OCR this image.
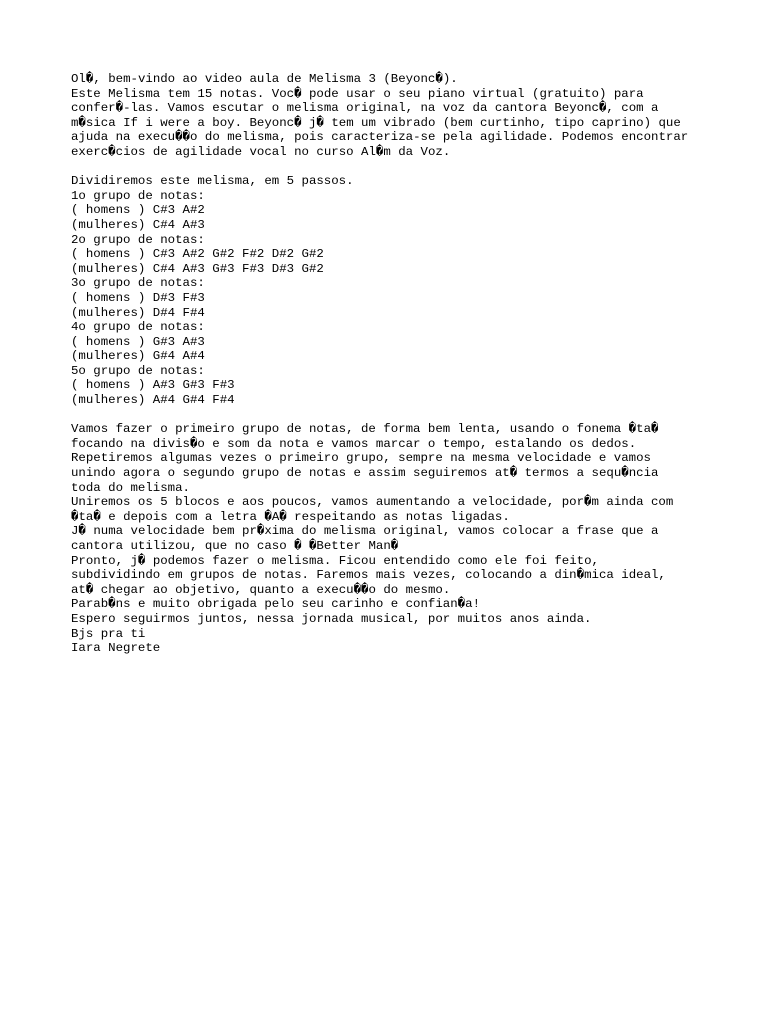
Ol�, bem-vindo ao video aula de Melisma 3 (Beyonc�).
Este Melisma tem 15 notas. Voc� pode usar o seu piano virtual (gratuito) para
confer�-las. Vamos escutar o melisma original, na voz da cantora Beyonc�, com a
m�sica If i were a boy. Beyonc� j� tem um vibrado (bem curtinho, tipo caprino) que
ajuda na execu��o do melisma, pois caracteriza-se pela agilidade. Podemos encontrar
exerc�cios de agilidade vocal no curso Al�m da Voz.
Dividiremos este melisma, em 5 passos.
1o grupo de notas:
( homens ) C#3 A#2
(mulheres) C#4 A#3
2o grupo de notas:
( homens ) C#3 A#2 G#2 F#2 D#2 G#2
(mulheres) C#4 A#3 G#3 F#3 D#3 G#2
3o grupo de notas:
( homens ) D#3 F#3
(mulheres) D#4 F#4
4o grupo de notas:
( homens ) G#3 A#3
(mulheres) G#4 A#4
5o grupo de notas:
( homens ) A#3 G#3 F#3
(mulheres) A#4 G#4 F#4
Vamos fazer o primeiro grupo de notas, de forma bem lenta, usando o fonema �ta�
focando na divis�o e som da nota e vamos marcar o tempo, estalando os dedos.
Repetiremos algumas vezes o primeiro grupo, sempre na mesma velocidade e vamos
unindo agora o segundo grupo de notas e assim seguiremos at� termos a sequ�ncia
toda do melisma.
Uniremos os 5 blocos e aos poucos, vamos aumentando a velocidade, por�m ainda com
�ta� e depois com a letra �A� respeitando as notas ligadas.
J� numa velocidade bem pr�xima do melisma original, vamos colocar a frase que a
cantora utilizou, que no caso � �Better Man�
Pronto, j� podemos fazer o melisma. Ficou entendido como ele foi feito,
subdividindo em grupos de notas. Faremos mais vezes, colocando a din�mica ideal,
at� chegar ao objetivo, quanto a execu��o do mesmo.
Parab�ns e muito obrigada pelo seu carinho e confian�a!
Espero seguirmos juntos, nessa jornada musical, por muitos anos ainda.
Bjs pra ti
Iara Negrete
